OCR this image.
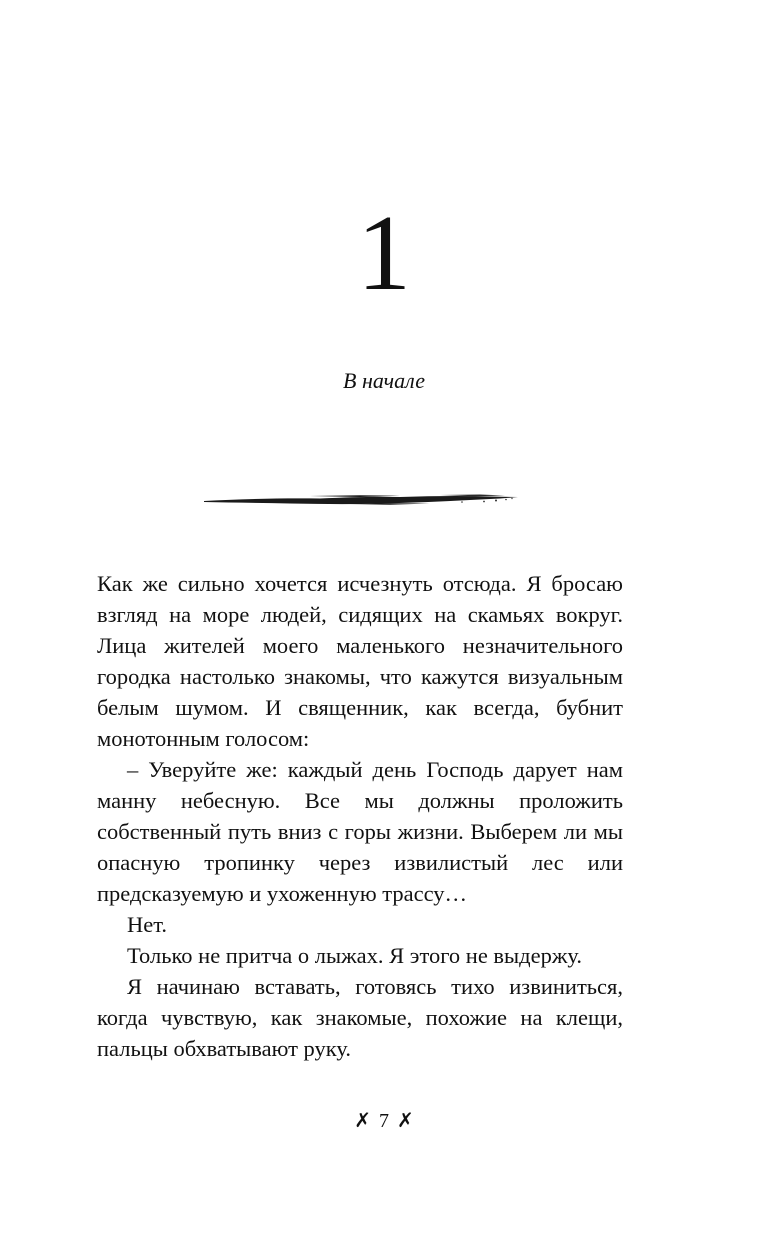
1
В начале

Как же сильно хочется исчезнуть отсюда. Я бросаю взгляд на море людей, сидящих на скамьях вокруг. Лица жителей моего маленького незначительного городка настолько знакомы, что кажутся визуальным белым шумом. И священник, как всегда, бубнит монотонным голосом:

– Уверуйте же: каждый день Господь дарует нам манну небесную. Все мы должны проложить собственный путь вниз с горы жизни. Выберем ли мы опасную тропинку через извилистый лес или предсказуемую и ухоженную трассу…

Нет.

Только не притча о лыжах. Я этого не выдержу.

Я начинаю вставать, готовясь тихо извиниться, когда чувствую, как знакомые, похожие на клещи, пальцы обхватывают руку.

✗ 7 ✗
